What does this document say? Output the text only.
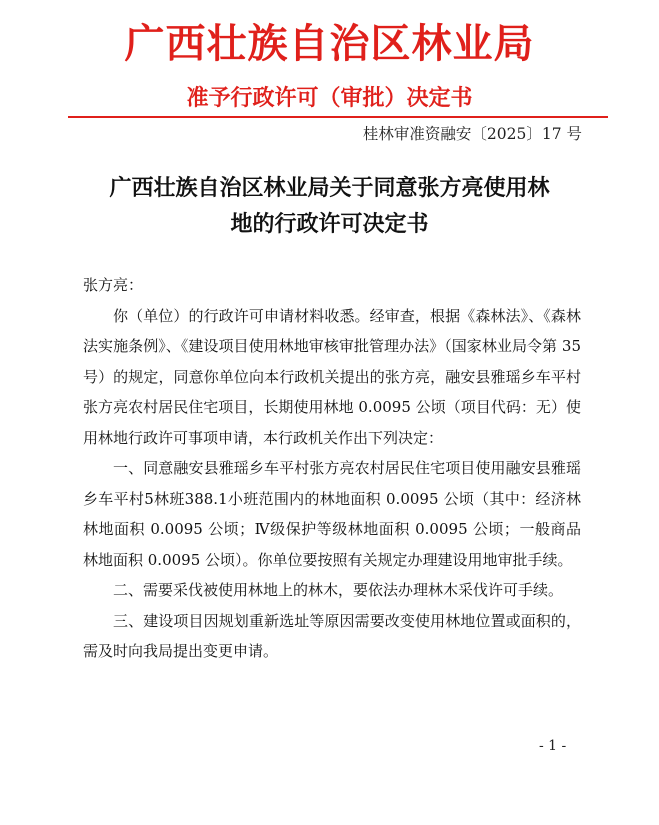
广西壮族自治区林业局
准予行政许可（审批）决定书
桂林审准资融安〔2025〕17 号
广西壮族自治区林业局关于同意张方亮使用林
地的行政许可决定书

张方亮：

你（单位）的行政许可申请材料收悉。经审查，根据《森林法》、《森林法实施条例》、《建设项目使用林地审核审批管理办法》（国家林业局令第 35 号）的规定，同意你单位向本行政机关提出的张方亮，融安县雅瑶乡车平村张方亮农村居民住宅项目，长期使用林地 0.0095 公顷（项目代码：无）使用林地行政许可事项申请，本行政机关作出下列决定：

一、同意融安县雅瑶乡车平村张方亮农村居民住宅项目使用融安县雅瑶乡车平村5林班388.1小班范围内的林地面积 0.0095 公顷（其中：经济林林地面积 0.0095 公顷；Ⅳ级保护等级林地面积 0.0095 公顷；一般商品林地面积 0.0095 公顷）。你单位要按照有关规定办理建设用地审批手续。

二、需要采伐被使用林地上的林木，要依法办理林木采伐许可手续。

三、建设项目因规划重新选址等原因需要改变使用林地位置或面积的，需及时向我局提出变更申请。

- 1 -
